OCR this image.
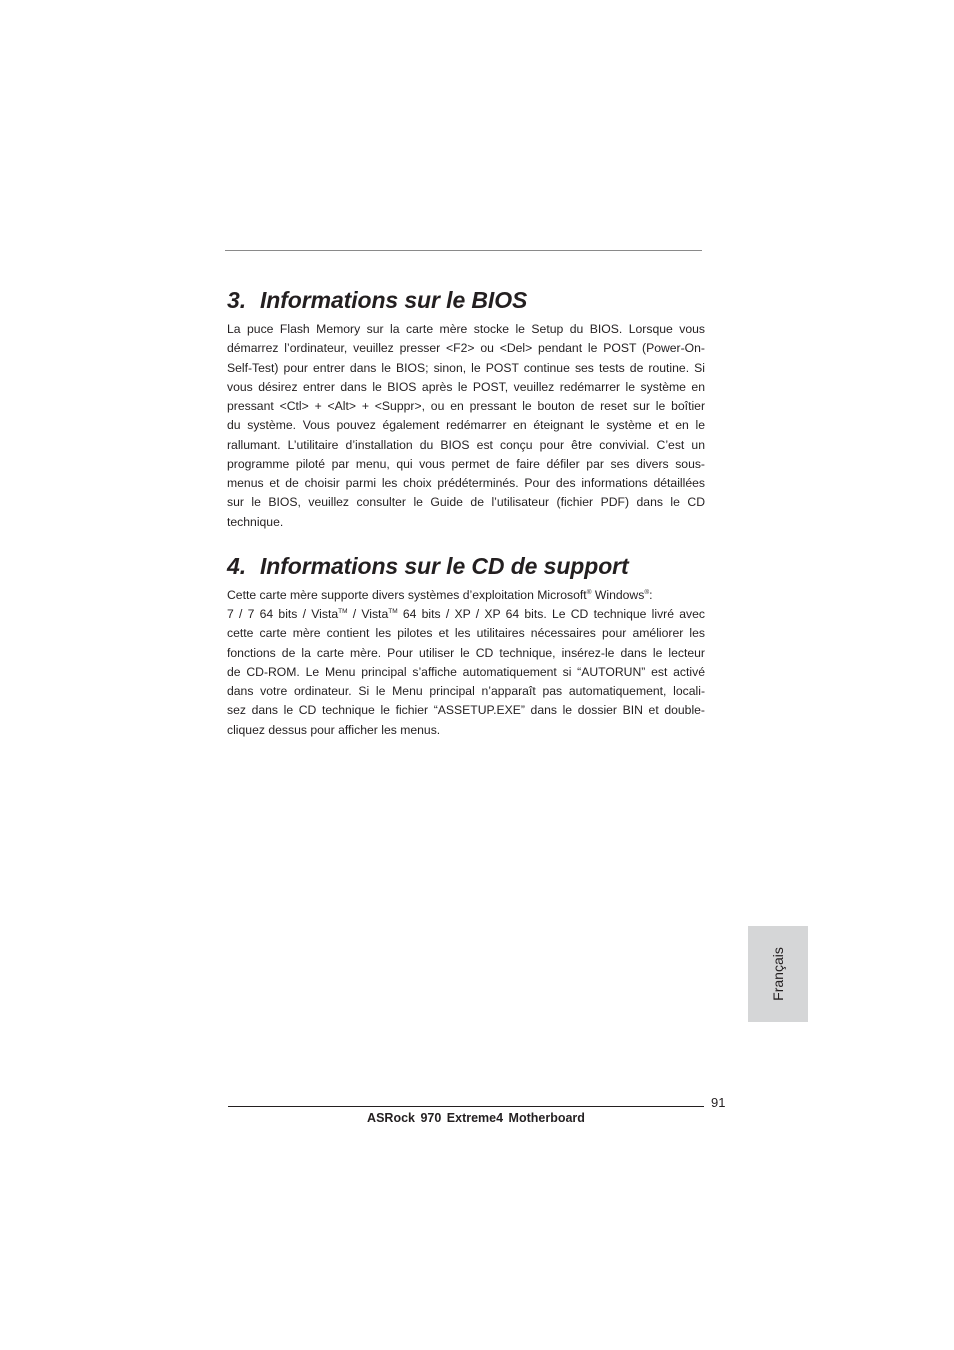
3. Informations sur le BIOS
La puce Flash Memory sur la carte mère stocke le Setup du BIOS. Lorsque vous
démarrez l’ordinateur, veuillez presser <F2> ou <Del> pendant le POST (Power-On-
Self-Test) pour entrer dans le BIOS; sinon, le POST continue ses tests de routine. Si
vous désirez entrer dans le BIOS après le POST, veuillez redémarrer le système en
pressant <Ctl> + <Alt> + <Suppr>, ou en pressant le bouton de reset sur le boîtier
du système. Vous pouvez également redémarrer en éteignant le système et en le
rallumant. L’utilitaire d’installation du BIOS est conçu pour être convivial. C’est un
programme piloté par menu, qui vous permet de faire défiler par ses divers sous-
menus et de choisir parmi les choix prédéterminés. Pour des informations détaillées
sur le BIOS, veuillez consulter le Guide de l’utilisateur (fichier PDF) dans le CD
technique.
4. Informations sur le CD de support
Cette carte mère supporte divers systèmes d’exploitation Microsoft® Windows®:
7 / 7 64 bits / Vista™ / Vista™ 64 bits / XP / XP 64 bits. Le CD technique livré avec
cette carte mère contient les pilotes et les utilitaires nécessaires pour améliorer les
fonctions de la carte mère. Pour utiliser le CD technique, insérez-le dans le lecteur
de CD-ROM. Le Menu principal s’affiche automatiquement si “AUTORUN” est activé
dans votre ordinateur. Si le Menu principal n’apparaît pas automatiquement, locali-
sez dans le CD technique le fichier “ASSETUP.EXE” dans le dossier BIN et double-
cliquez dessus pour afficher les menus.
Français
91
ASRock 970 Extreme4 Motherboard
